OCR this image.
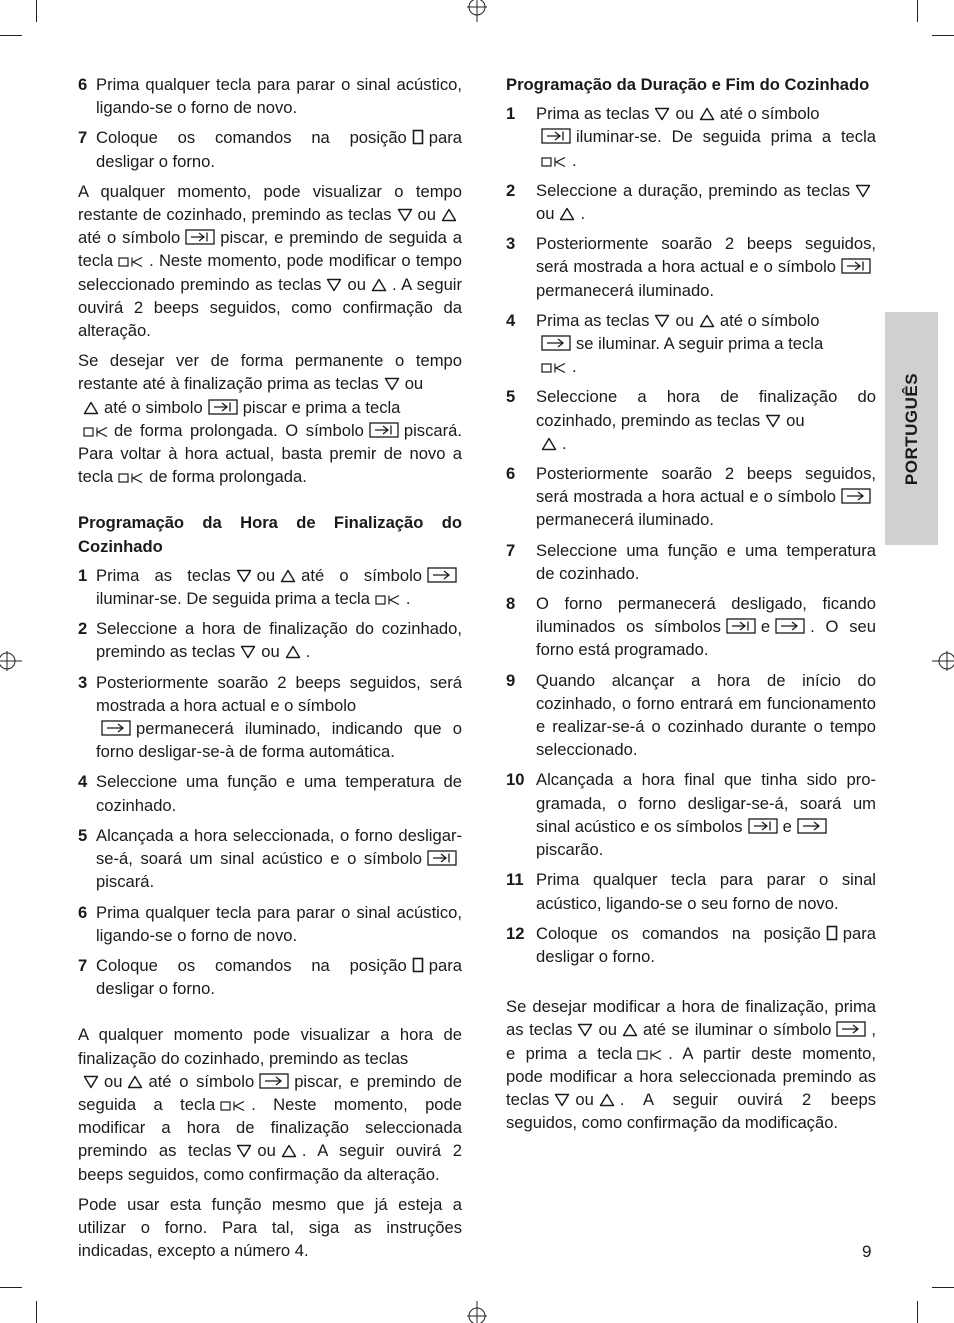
6 Prima qualquer tecla para parar o sinal acústico, ligando-se o forno de novo.
7 Coloque os comandos na posição para desligar o forno.

A qualquer momento, pode visualizar o tempo restante de cozinhado, premindo as teclas ou
até o símbolo piscar, e premindo de seguida a tecla . Neste momento, pode modificar o tempo seleccionado premindo as teclas ou . A seguir ouvirá 2 beeps seguidos, como confirmação da alteração.

Se desejar ver de forma permanente o tempo restante até à finalização prima as teclas ou

até o simbolo piscar e prima a tecla

de forma prolongada. O símbolo piscará. Para voltar à hora actual, basta premir de novo a tecla de forma prolongada.

Programação da Hora de Finalização do Cozinhado
1 Prima as teclas ou até o símbolo
iluminar-se. De seguida prima a tecla .
2 Seleccione a hora de finalização do cozinhado, premindo as teclas ou .
3 Posteriormente soarão 2 beeps seguidos, será mostrada a hora actual e o símbolo

permanecerá iluminado, indicando que o forno desligar-se-à de forma automática.
4 Seleccione uma função e uma temperatura de cozinhado.
5 Alcançada a hora seleccionada, o forno desligar-se-á, soará um sinal acústico e o símbolo
piscará.
6 Prima qualquer tecla para parar o sinal acústico, ligando-se o forno de novo.
7 Coloque os comandos na posição para desligar o forno.

A qualquer momento pode visualizar a hora de finalização do cozinhado, premindo as teclas

ou até o símbolo piscar, e premindo de seguida a tecla . Neste momento, pode modificar a hora de finalização seleccionada premindo as teclas ou . A seguir ouvirá 2 beeps seguidos, como confirmação da alteração.

Pode usar esta função mesmo que já esteja a utilizar o forno. Para tal, siga as instruções indicadas, excepto a número 4.

Programação da Duração e Fim do Cozinhado
1	Prima as teclas ou até o símbolo

iluminar-se. De seguida prima a tecla
.
2	Seleccione a duração, premindo as teclas
ou .
3	Posteriormente soarão 2 beeps seguidos, será mostrada a hora actual e o símbolo
permanecerá iluminado.
4	Prima as teclas ou até o símbolo

se iluminar. A seguir prima a tecla

.
5	Seleccione a hora de finalização do cozinhado, premindo as teclas ou

.
6	Posteriormente soarão 2 beeps seguidos, será mostrada a hora actual e o símbolo
permanecerá iluminado.
7	Seleccione uma função e uma temperatura de cozinhado.
8	O forno permanecerá desligado, ficando iluminados os símbolos e . O seu forno está programado.
9	Quando alcançar a hora de início do cozinhado, o forno entrará em funcionamento e realizar-se-á o cozinhado durante o tempo seleccionado.
10 Alcançada a hora final que tinha sido programada, o forno desligar-se-á, soará um sinal acústico e os símbolos e

piscarão.
11 Prima qualquer tecla para parar o sinal acústico, ligando-se o seu forno de novo.
12 Coloque os comandos na posição para desligar o forno.

Se desejar modificar a hora de finalização, prima as teclas ou até se iluminar o símbolo , e prima a tecla . A partir deste momento, pode modificar a hora seleccionada premindo as teclas ou . A seguir ouvirá 2 beeps seguidos, como confirmação da modificação.

PORTUGUÊS
9
